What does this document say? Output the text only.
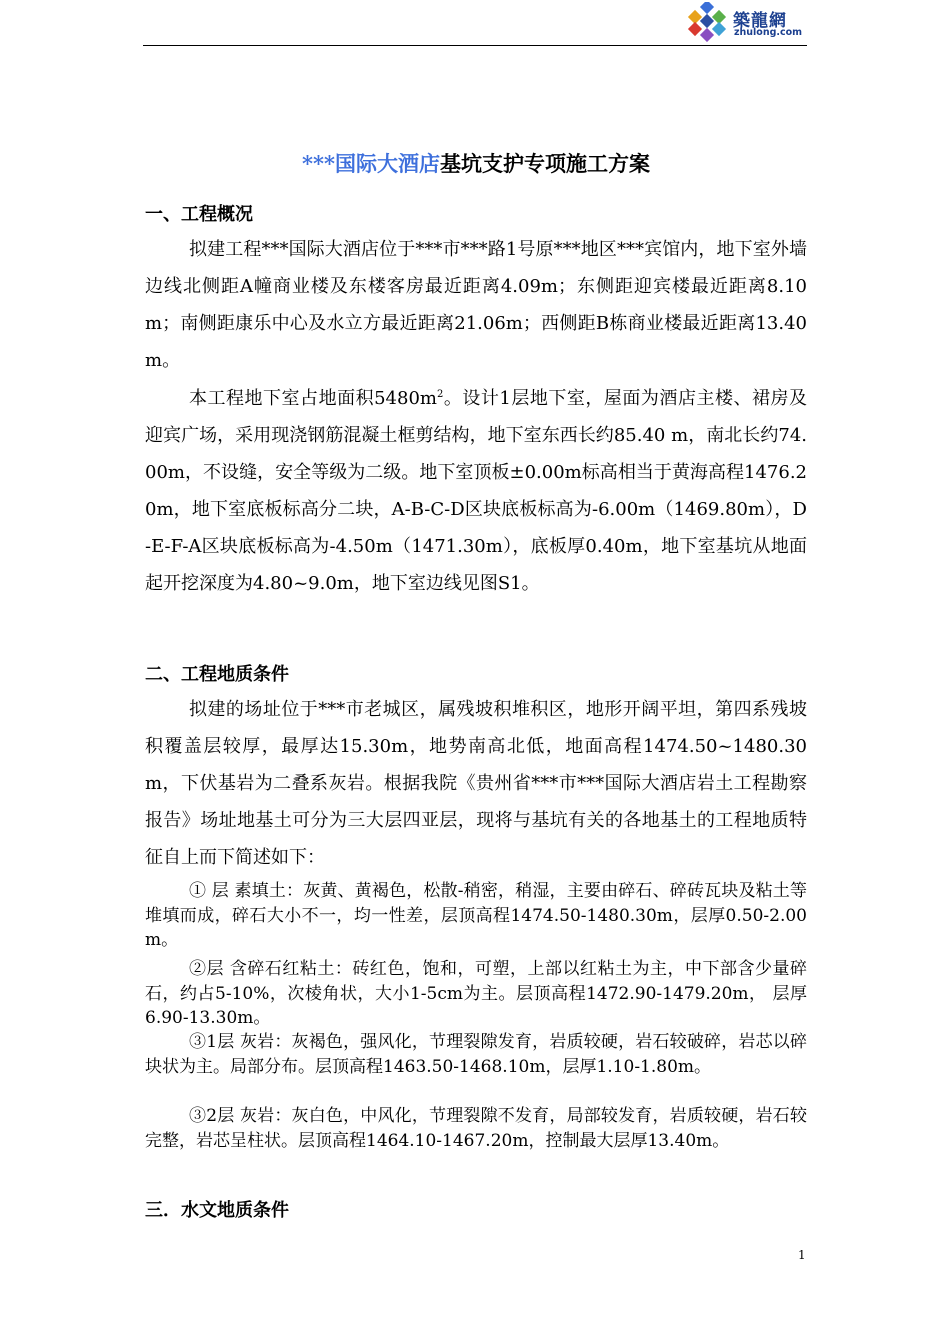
築龍網
zhulong.com
***国际大酒店基坑支护专项施工方案
一、工程概况

拟建工程***国际大酒店位于***市***路1号原***地区***宾馆内，地下室外墙边线北侧距A幢商业楼及东楼客房最近距离4.09m；东侧距迎宾楼最近距离8.10m；南侧距康乐中心及水立方最近距离21.06m；西侧距B栋商业楼最近距离13.40m。

本工程地下室占地面积$5480m^2$。设计1层地下室，屋面为酒店主楼、裙房及迎宾广场，采用现浇钢筋混凝土框剪结构，地下室东西长约85.40 m，南北长约74.00m，不设缝，安全等级为二级。地下室顶板±0.00m标高相当于黄海高程1476.20m，地下室底板标高分二块，A-B-C-D区块底板标高为-6.00m（1469.80m），D-E-F-A区块底板标高为-4.50m（1471.30m），底板厚0.40m，地下室基坑从地面起开挖深度为4.80~9.0m，地下室边线见图S1。

二、工程地质条件

拟建的场址位于***市老城区，属残坡积堆积区，地形开阔平坦，第四系残坡积覆盖层较厚，最厚达15.30m，地势南高北低，地面高程1474.50~1480.30m，下伏基岩为二叠系灰岩。根据我院《贵州省***市***国际大酒店岩土工程勘察报告》场址地基土可分为三大层四亚层，现将与基坑有关的各地基土的工程地质特征自上而下简述如下：

① 层 素填土：灰黄、黄褐色，松散-稍密，稍湿，主要由碎石、碎砖瓦块及粘土等堆填而成，碎石大小不一，均一性差，层顶高程1474.50-1480.30m，层厚0.50-2.00m。

②层 含碎石红粘土：砖红色，饱和，可塑，上部以红粘土为主，中下部含少量碎石，约占5-10%，次棱角状，大小1-5cm为主。层顶高程1472.90-1479.20m， 层厚6.90-13.30m。

③1层 灰岩：灰褐色，强风化，节理裂隙发育，岩质较硬，岩石较破碎，岩芯以碎块状为主。局部分布。层顶高程1463.50-1468.10m，层厚1.10-1.80m。

③2层 灰岩：灰白色，中风化，节理裂隙不发育，局部较发育，岩质较硬，岩石较完整，岩芯呈柱状。层顶高程1464.10-1467.20m，控制最大层厚13.40m。

三．水文地质条件
1
